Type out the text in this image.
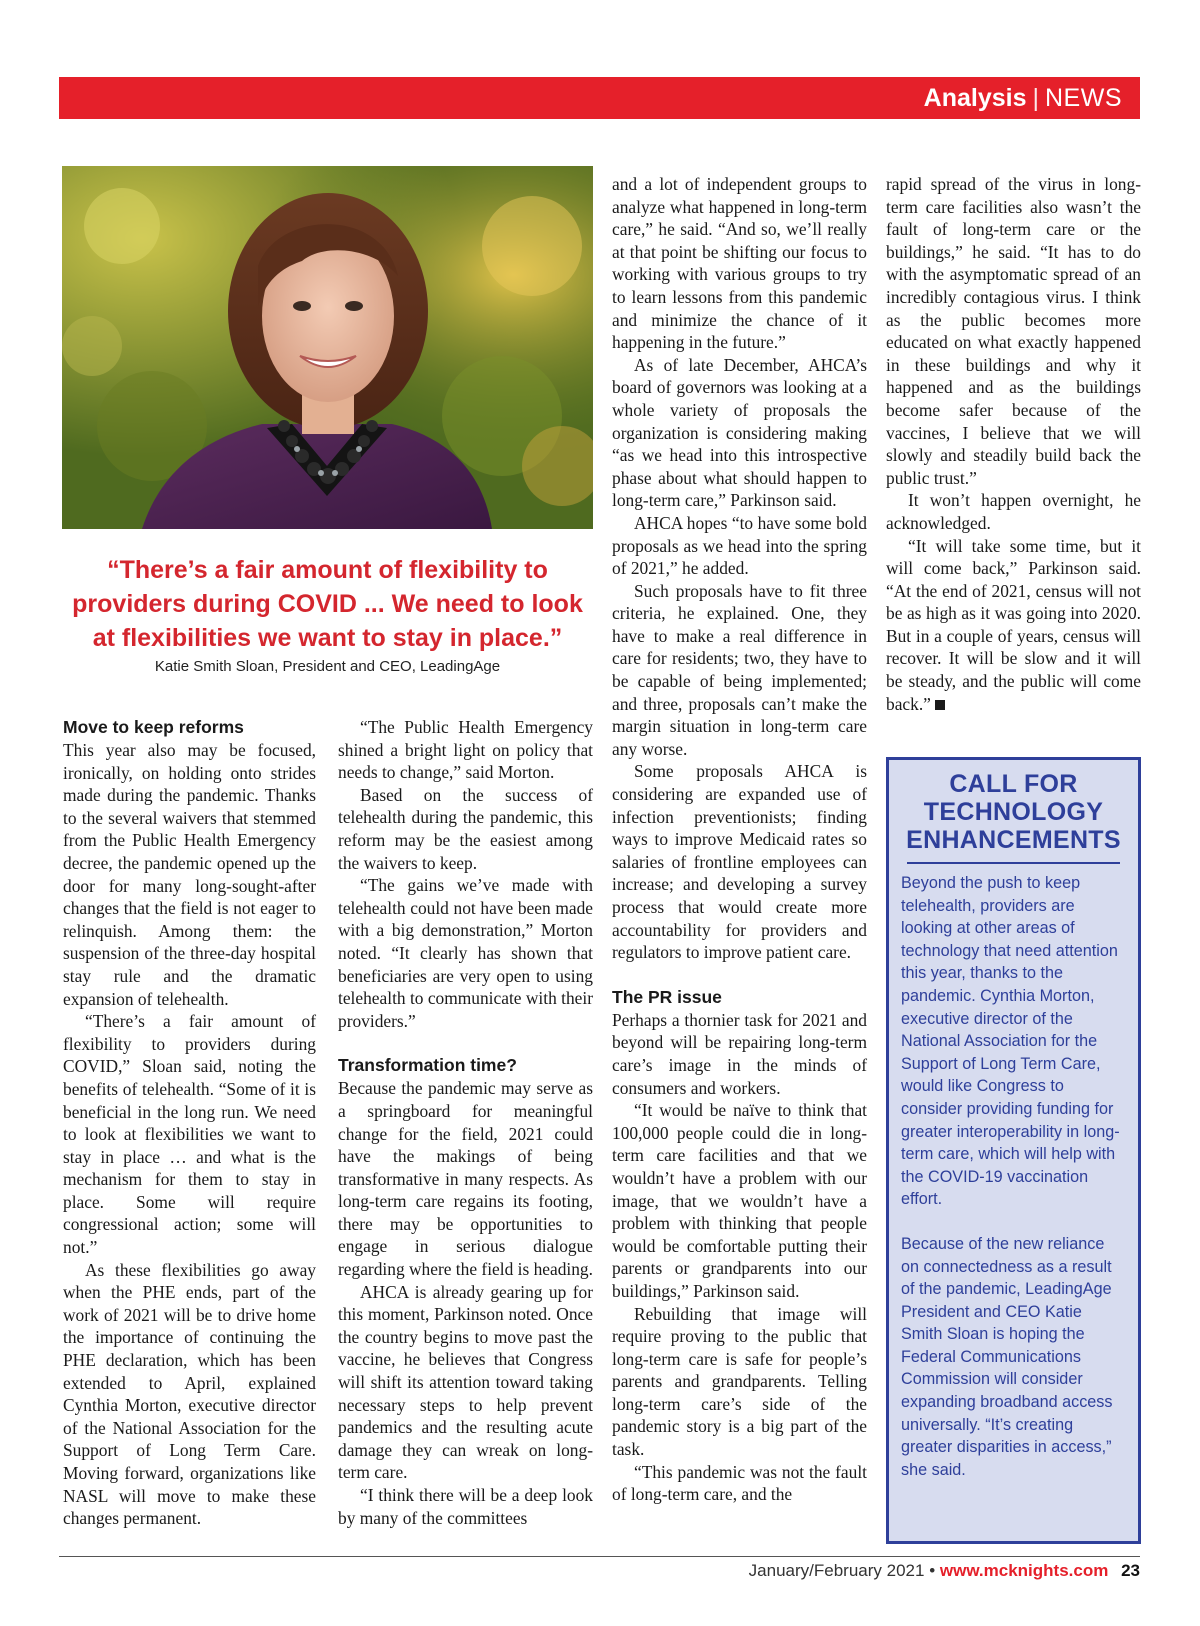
Analysis | NEWS
“There’s a fair amount of flexibility to providers during COVID ... We need to look at flexibilities we want to stay in place.”
Katie Smith Sloan, President and CEO, LeadingAge
Move to keep reforms

This year also may be focused, ironically, on holding onto strides made during the pandemic. Thanks to the several waivers that stemmed from the Public Health Emergency decree, the pandemic opened up the door for many long-sought-after changes that the field is not eager to relinquish. Among them: the suspension of the three-day hospital stay rule and the dramatic expansion of telehealth.

“There’s a fair amount of flexibility to providers during COVID,” Sloan said, noting the benefits of telehealth. “Some of it is beneficial in the long run. We need to look at flexibilities we want to stay in place … and what is the mechanism for them to stay in place. Some will require congressional action; some will not.”

As these flexibilities go away when the PHE ends, part of the work of 2021 will be to drive home the importance of continuing the PHE declaration, which has been extended to April, explained Cynthia Morton, executive director of the National Association for the Support of Long Term Care. Moving forward, organizations like NASL will move to make these changes permanent.

“The Public Health Emergency shined a bright light on policy that needs to change,” said Morton.

Based on the success of telehealth during the pandemic, this reform may be the easiest among the waivers to keep.

“The gains we’ve made with telehealth could not have been made with a big demonstration,” Morton noted. “It clearly has shown that beneficiaries are very open to using telehealth to communicate with their providers.”

Transformation time?

Because the pandemic may serve as a springboard for meaningful change for the field, 2021 could have the makings of being transformative in many respects. As long-term care regains its footing, there may be opportunities to engage in serious dialogue regarding where the field is heading.

AHCA is already gearing up for this moment, Parkinson noted. Once the country begins to move past the vaccine, he believes that Congress will shift its attention toward taking necessary steps to help prevent pandemics and the resulting acute damage they can wreak on long-term care.

“I think there will be a deep look by many of the committees

and a lot of independent groups to analyze what happened in long-term care,” he said. “And so, we’ll really at that point be shifting our focus to working with various groups to try to learn lessons from this pandemic and minimize the chance of it happening in the future.”

As of late December, AHCA’s board of governors was looking at a whole variety of proposals the organization is considering making “as we head into this introspective phase about what should happen to long-term care,” Parkinson said.

AHCA hopes “to have some bold proposals as we head into the spring of 2021,” he added.

Such proposals have to fit three criteria, he explained. One, they have to make a real difference in care for residents; two, they have to be capable of being implemented; and three, proposals can’t make the margin situation in long-term care any worse.

Some proposals AHCA is considering are expanded use of infection preventionists; finding ways to improve Medicaid rates so salaries of frontline employees can increase; and developing a survey process that would create more accountability for providers and regulators to improve patient care.

The PR issue

Perhaps a thornier task for 2021 and beyond will be repairing long-term care’s image in the minds of consumers and workers.

“It would be naïve to think that 100,000 people could die in long-term care facilities and that we wouldn’t have a problem with our image, that we wouldn’t have a problem with thinking that people would be comfortable putting their parents or grandparents into our buildings,” Parkinson said.

Rebuilding that image will require proving to the public that long-term care is safe for people’s parents and grandparents. Telling long-term care’s side of the pandemic story is a big part of the task.

“This pandemic was not the fault of long-term care, and the

rapid spread of the virus in long-term care facilities also wasn’t the fault of long-term care or the buildings,” he said. “It has to do with the asymptomatic spread of an incredibly contagious virus. I think as the public becomes more educated on what exactly happened in these buildings and why it happened and as the buildings become safer because of the vaccines, I believe that we will slowly and steadily build back the public trust.”

It won’t happen overnight, he acknowledged.

“It will take some time, but it will come back,” Parkinson said. “At the end of 2021, census will not be as high as it was going into 2020. But in a couple of years, census will recover. It will be slow and it will be steady, and the public will come back.”

CALL FOR TECHNOLOGY ENHANCEMENTS
Beyond the push to keep telehealth, providers are looking at other areas of technology that need attention this year, thanks to the pandemic. Cynthia Morton, executive director of the National Association for the Support of Long Term Care, would like Congress to consider providing funding for greater interoperability in long-term care, which will help with the COVID-19 vaccination effort.
Because of the new reliance on connectedness as a result of the pandemic, LeadingAge President and CEO Katie Smith Sloan is hoping the Federal Communications Commission will consider expanding broadband access universally. “It’s creating greater disparities in access,” she said.
January/February 2021 • www.mcknights.com 23
